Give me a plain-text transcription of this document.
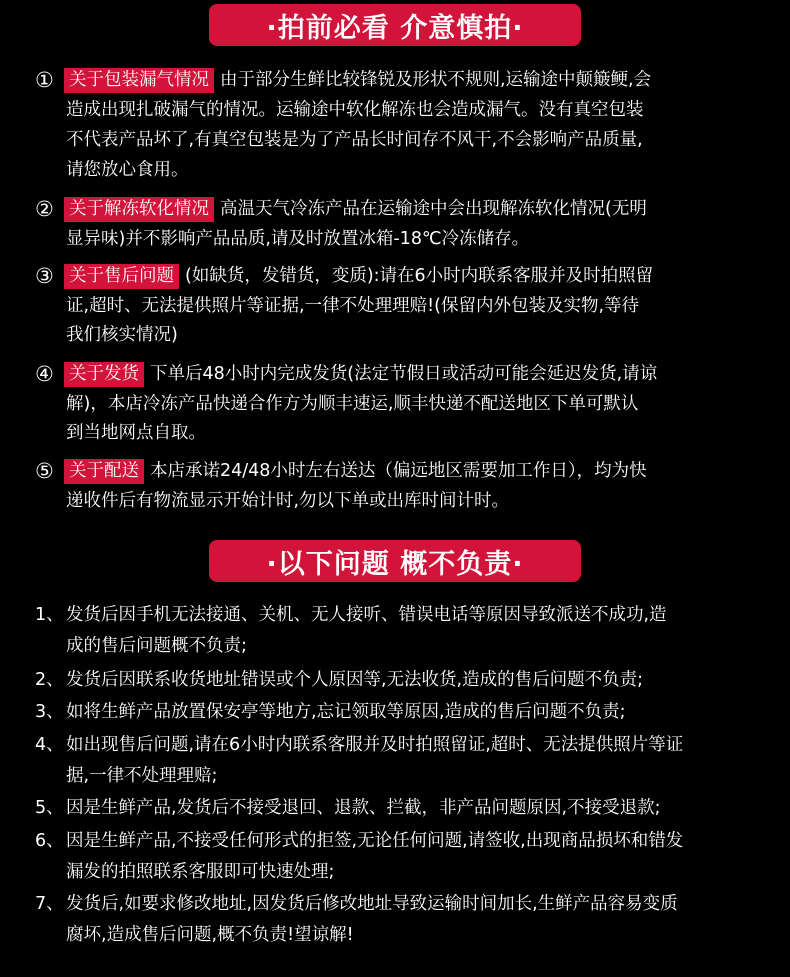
·拍前必看 介意慎拍·
① 关于包装漏气情况 由于部分生鲜比较锋锐及形状不规则,运输途中颠簸鲠,会
造成出现扎破漏气的情况。运输途中软化解冻也会造成漏气。没有真空包装
不代表产品坏了,有真空包装是为了产品长时间存不风干,不会影响产品质量,
请您放心食用。
② 关于解冻软化情况 高温天气冷冻产品在运输途中会出现解冻软化情况(无明
显异味)并不影响产品品质,请及时放置冰箱-18℃冷冻储存。
③ 关于售后问题 (如缺货，发错货，变质):请在6小时内联系客服并及时拍照留
证,超时、无法提供照片等证据,一律不处理理赔!(保留内外包装及实物,等待
我们核实情况)
④ 关于发货 下单后48小时内完成发货(法定节假日或活动可能会延迟发货,请谅
解)，本店冷冻产品快递合作方为顺丰速运,顺丰快递不配送地区下单可默认
到当地网点自取。
⑤ 关于配送 本店承诺24/48小时左右送达（偏远地区需要加工作日），均为快
递收件后有物流显示开始计时,勿以下单或出库时间计时。
·以下问题 概不负责·
1、 发货后因手机无法接通、关机、无人接听、错误电话等原因导致派送不成功,造
成的售后问题概不负责;
2、 发货后因联系收货地址错误或个人原因等,无法收货,造成的售后问题不负责;
3、 如将生鲜产品放置保安亭等地方,忘记领取等原因,造成的售后问题不负责;
4、 如出现售后问题,请在6小时内联系客服并及时拍照留证,超时、无法提供照片等证
据,一律不处理理赔;
5、 因是生鲜产品,发货后不接受退回、退款、拦截，非产品问题原因,不接受退款;
6、 因是生鲜产品,不接受任何形式的拒签,无论任何问题,请签收,出现商品损坏和错发
漏发的拍照联系客服即可快速处理;
7、 发货后,如要求修改地址,因发货后修改地址导致运输时间加长,生鲜产品容易变质
腐坏,造成售后问题,概不负责!望谅解!
